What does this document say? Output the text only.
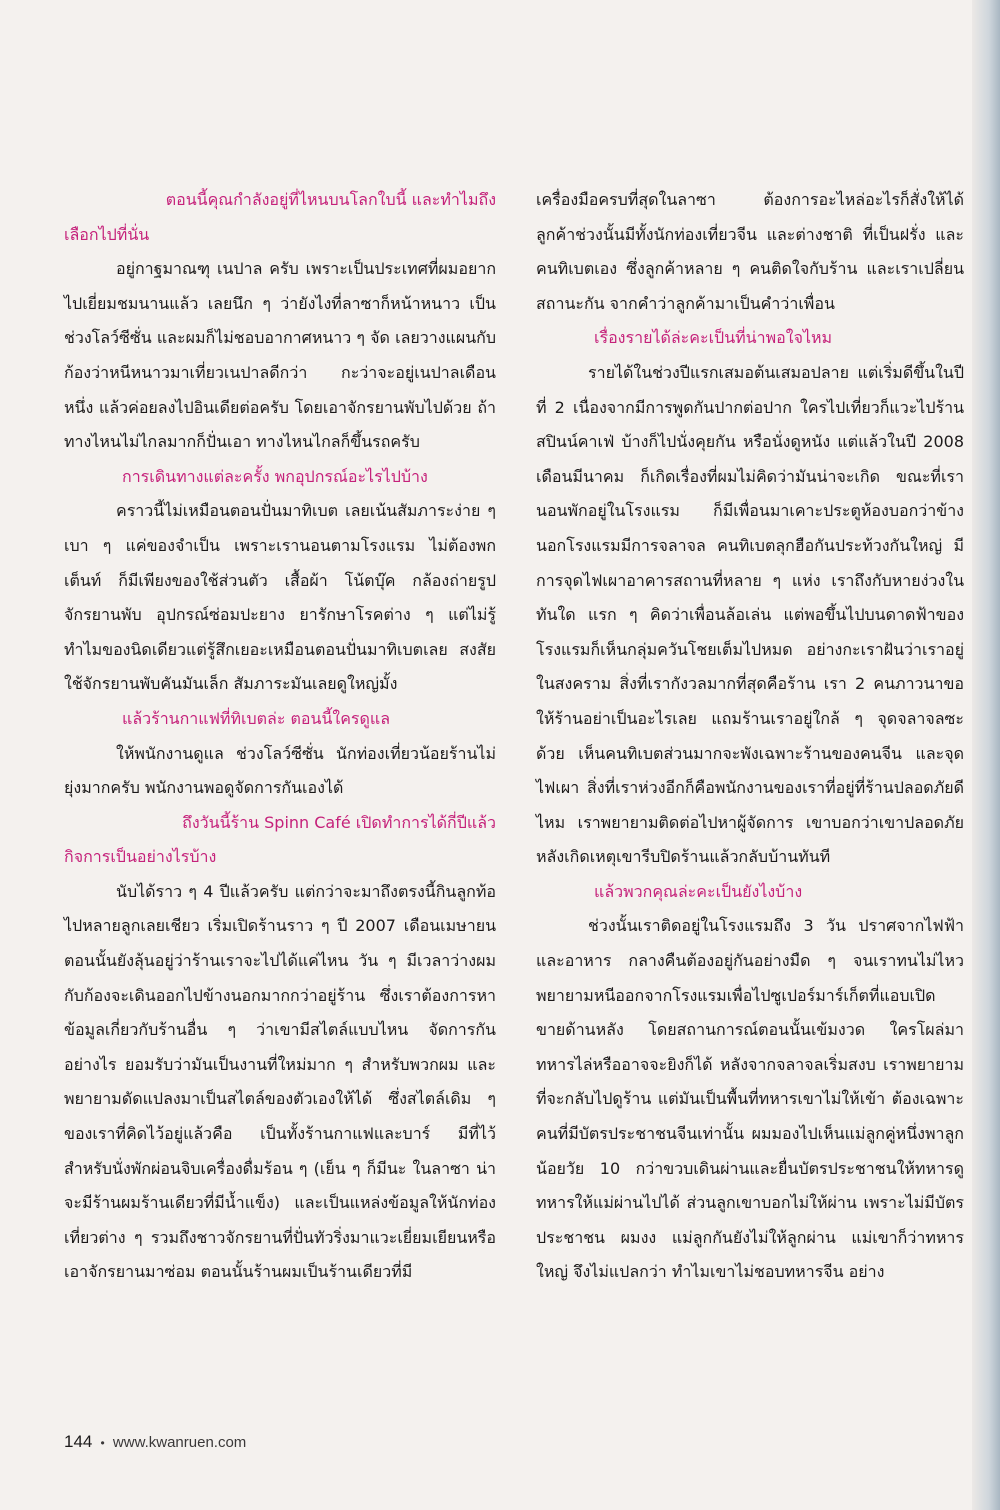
ตอนนี้คุณกำลังอยู่ที่ไหนบนโลกใบนี้ และทำไมถึง

เลือกไปที่นั่น

อยู่กาฐมาณฑุ เนปาล ครับ เพราะเป็นประเทศที่ผมอยากไปเยี่ยมชมนานแล้ว เลยนึก ๆ ว่ายังไงที่ลาซาก็หน้าหนาว เป็นช่วงโลว์ซีซั่น และผมก็ไม่ชอบอากาศหนาว ๆ จัด เลยวางแผนกับก้องว่าหนีหนาวมาเที่ยวเนปาลดีกว่า กะว่าจะอยู่เนปาลเดือนหนึ่ง แล้วค่อยลงไปอินเดียต่อครับ โดยเอาจักรยานพับไปด้วย ถ้าทางไหนไม่ไกลมากก็ปั่นเอา ทางไหนไกลก็ขึ้นรถครับ

การเดินทางแต่ละครั้ง พกอุปกรณ์อะไรไปบ้าง

คราวนี้ไม่เหมือนตอนปั่นมาทิเบต เลยเน้นสัมภาระง่าย ๆ เบา ๆ แค่ของจำเป็น เพราะเรานอนตามโรงแรม ไม่ต้องพกเต็นท์ ก็มีเพียงของใช้ส่วนตัว เสื้อผ้า โน้ตบุ๊ค กล้องถ่ายรูป จักรยานพับ อุปกรณ์ซ่อมปะยาง ยารักษาโรคต่าง ๆ แต่ไม่รู้ทำไมของนิดเดียวแต่รู้สึกเยอะเหมือนตอนปั่นมาทิเบตเลย สงสัยใช้จักรยานพับคันมันเล็ก สัมภาระมันเลยดูใหญ่มั้ง

แล้วร้านกาแฟที่ทิเบตล่ะ ตอนนี้ใครดูแล

ให้พนักงานดูแล ช่วงโลว์ซีซั่น นักท่องเที่ยวน้อยร้านไม่ยุ่งมากครับ พนักงานพอดูจัดการกันเองได้

ถึงวันนี้ร้าน Spinn Café เปิดทำการได้กี่ปีแล้ว

กิจการเป็นอย่างไรบ้าง

นับได้ราว ๆ 4 ปีแล้วครับ แต่กว่าจะมาถึงตรงนี้กินลูกท้อไปหลายลูกเลยเชียว เริ่มเปิดร้านราว ๆ ปี 2007 เดือนเมษายน ตอนนั้นยังลุ้นอยู่ว่าร้านเราจะไปได้แค่ไหน วัน ๆ มีเวลาว่างผมกับก้องจะเดินออกไปข้างนอกมากกว่าอยู่ร้าน ซึ่งเราต้องการหาข้อมูลเกี่ยวกับร้านอื่น ๆ ว่าเขามีสไตล์แบบไหน จัดการกันอย่างไร ยอมรับว่ามันเป็นงานที่ใหม่มาก ๆ สำหรับพวกผม และพยายามดัดแปลงมาเป็นสไตล์ของตัวเองให้ได้ ซึ่งสไตล์เดิม ๆ ของเราที่คิดไว้อยู่แล้วคือ เป็นทั้งร้านกาแฟและบาร์ มีที่ไว้สำหรับนั่งพักผ่อนจิบเครื่องดื่มร้อน ๆ (เย็น ๆ ก็มีนะ ในลาซา น่าจะมีร้านผมร้านเดียวที่มีน้ำแข็ง) และเป็นแหล่งข้อมูลให้นักท่องเที่ยวต่าง ๆ รวมถึงชาวจักรยานที่ปั่นทัวริ่งมาแวะเยี่ยมเยียนหรือเอาจักรยานมาซ่อม ตอนนั้นร้านผมเป็นร้านเดียวที่มี

เครื่องมือครบที่สุดในลาซา ต้องการอะไหล่อะไรก็สั่งให้ได้ ลูกค้าช่วงนั้นมีทั้งนักท่องเที่ยวจีน และต่างชาติ ที่เป็นฝรั่ง และคนทิเบตเอง ซึ่งลูกค้าหลาย ๆ คนติดใจกับร้าน และเราเปลี่ยนสถานะกัน จากคำว่าลูกค้ามาเป็นคำว่าเพื่อน

เรื่องรายได้ล่ะคะเป็นที่น่าพอใจไหม

รายได้ในช่วงปีแรกเสมอต้นเสมอปลาย แต่เริ่มดีขึ้นในปีที่ 2 เนื่องจากมีการพูดกันปากต่อปาก ใครไปเที่ยวก็แวะไปร้านสปินน์คาเฟ่ บ้างก็ไปนั่งคุยกัน หรือนั่งดูหนัง แต่แล้วในปี 2008 เดือนมีนาคม ก็เกิดเรื่องที่ผมไม่คิดว่ามันน่าจะเกิด ขณะที่เรานอนพักอยู่ในโรงแรม ก็มีเพื่อนมาเคาะประตูห้องบอกว่าข้างนอกโรงแรมมีการจลาจล คนทิเบตลุกฮือกันประท้วงกันใหญ่ มีการจุดไฟเผาอาคารสถานที่หลาย ๆ แห่ง เราถึงกับหายง่วงในทันใด แรก ๆ คิดว่าเพื่อนล้อเล่น แต่พอขึ้นไปบนดาดฟ้าของโรงแรมก็เห็นกลุ่มควันโชยเต็มไปหมด อย่างกะเราฝันว่าเราอยู่ในสงคราม สิ่งที่เรากังวลมากที่สุดคือร้าน เรา 2 คนภาวนาขอให้ร้านอย่าเป็นอะไรเลย แถมร้านเราอยู่ใกล้ ๆ จุดจลาจลซะด้วย เห็นคนทิเบตส่วนมากจะพังเฉพาะร้านของคนจีน และจุดไฟเผา สิ่งที่เราห่วงอีกก็คือพนักงานของเราที่อยู่ที่ร้านปลอดภัยดีไหม เราพยายามติดต่อไปหาผู้จัดการ เขาบอกว่าเขาปลอดภัยหลังเกิดเหตุเขารีบปิดร้านแล้วกลับบ้านทันที

แล้วพวกคุณล่ะคะเป็นยังไงบ้าง

ช่วงนั้นเราติดอยู่ในโรงแรมถึง 3 วัน ปราศจากไฟฟ้า และอาหาร กลางคืนต้องอยู่กันอย่างมืด ๆ จนเราทนไม่ไหว พยายามหนีออกจากโรงแรมเพื่อไปซูเปอร์มาร์เก็ตที่แอบเปิดขายด้านหลัง โดยสถานการณ์ตอนนั้นเข้มงวด ใครโผล่มา ทหารไล่หรืออาจจะยิงก็ได้ หลังจากจลาจลเริ่มสงบ เราพยายามที่จะกลับไปดูร้าน แต่มันเป็นพื้นที่ทหารเขาไม่ให้เข้า ต้องเฉพาะคนที่มีบัตรประชาชนจีนเท่านั้น ผมมองไปเห็นแม่ลูกคู่หนึ่งพาลูกน้อยวัย 10 กว่าขวบเดินผ่านและยื่นบัตรประชาชนให้ทหารดู ทหารให้แม่ผ่านไปได้ ส่วนลูกเขาบอกไม่ให้ผ่าน เพราะไม่มีบัตรประชาชน ผมงง แม่ลูกกันยังไม่ให้ลูกผ่าน แม่เขาก็ว่าทหารใหญ่ จึงไม่แปลกว่า ทำไมเขาไม่ชอบทหารจีน อย่าง

144 • www.kwanruen.com
